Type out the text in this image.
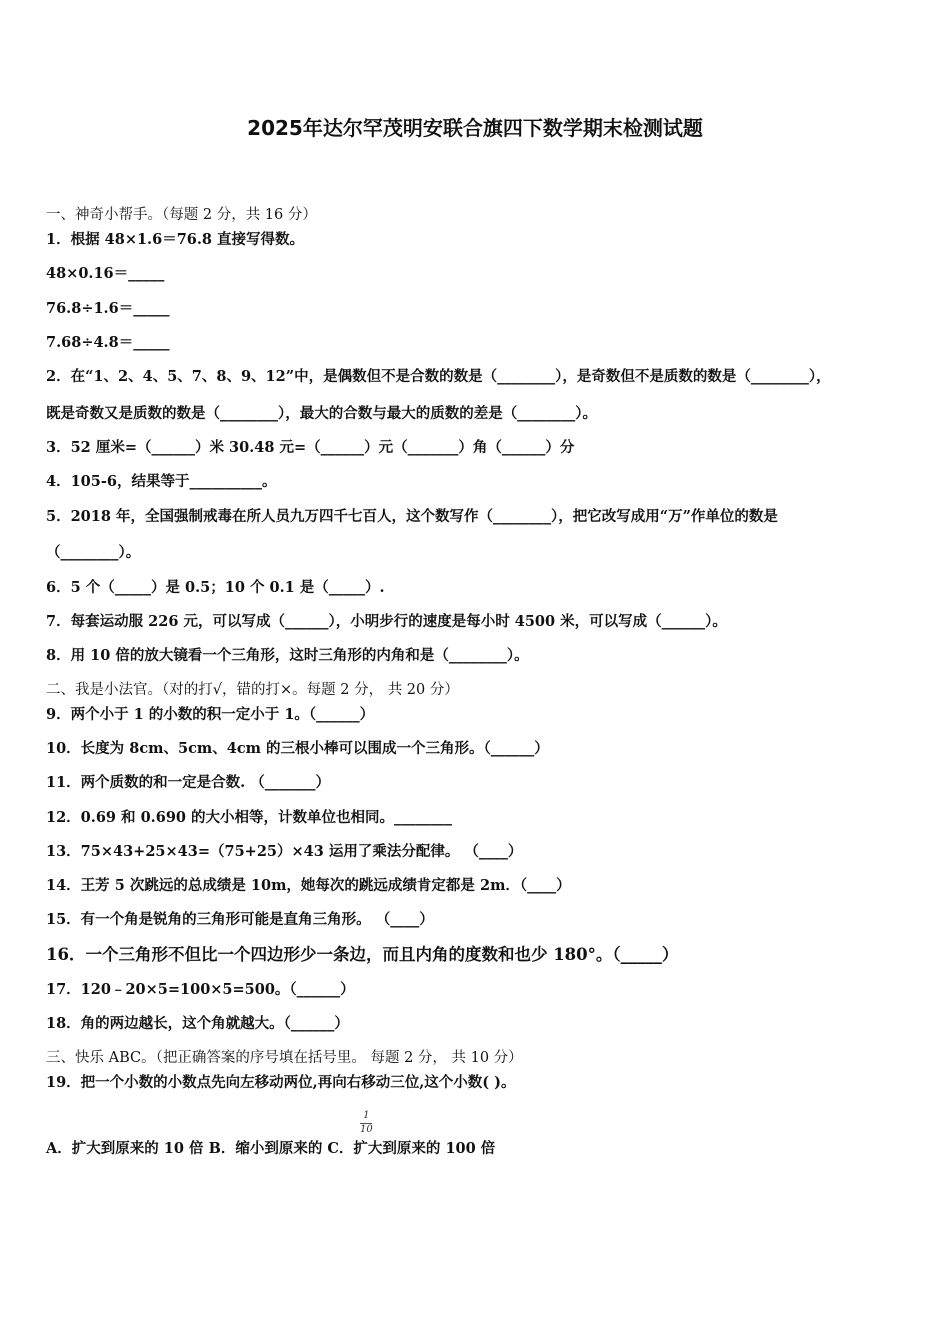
2025年达尔罕茂明安联合旗四下数学期末检测试题
一、神奇小帮手。（每题 2 分，共 16 分）
1．根据 48×1.6＝76.8 直接写得数。
48×0.16＝_____
76.8÷1.6＝_____
7.68÷4.8＝_____
2．在“1、2、4、5、7、8、9、12”中，是偶数但不是合数的数是（________），是奇数但不是质数的数是（________），
既是奇数又是质数的数是（________），最大的合数与最大的质数的差是（________）。
3．52 厘米=（______）米 30.48 元=（______）元（_______）角（______）分
4．105-6，结果等于__________。
5．2018 年，全国强制戒毒在所人员九万四千七百人，这个数写作（________），把它改写成用“万”作单位的数是
（________）。
6．5 个（_____）是 0.5；10 个 0.1 是（_____）.
7．每套运动服 226 元，可以写成（______），小明步行的速度是每小时 4500 米，可以写成（______）。
8．用 10 倍的放大镜看一个三角形，这时三角形的内角和是（________）。
二、我是小法官。（对的打√，错的打×。每题 2 分， 共 20 分）
9．两个小于 1 的小数的积一定小于 1。（______）
10．长度为 8cm、5cm、4cm 的三根小棒可以围成一个三角形。（______）
11．两个质数的和一定是合数. （_______）
12．0.69 和 0.690 的大小相等，计数单位也相同。________
13．75×43+25×43=（75+25）×43 运用了乘法分配律。 （____）
14．王芳 5 次跳远的总成绩是 10m，她每次的跳远成绩肯定都是 2m．（____）
15．有一个角是锐角的三角形可能是直角三角形。 （____）
16．一个三角形不但比一个四边形少一条边，而且内角的度数和也少 180°。（_____）
17．120﹣20×5=100×5=500。（______）
18．角的两边越长，这个角就越大。（______）
三、快乐 ABC。（把正确答案的序号填在括号里。 每题 2 分， 共 10 分）
19．把一个小数的小数点先向左移动两位,再向右移动三位,这个小数( )。
A．扩大到原来的 10 倍 B．缩小到原来的 C．扩大到原来的 100 倍
1
10
